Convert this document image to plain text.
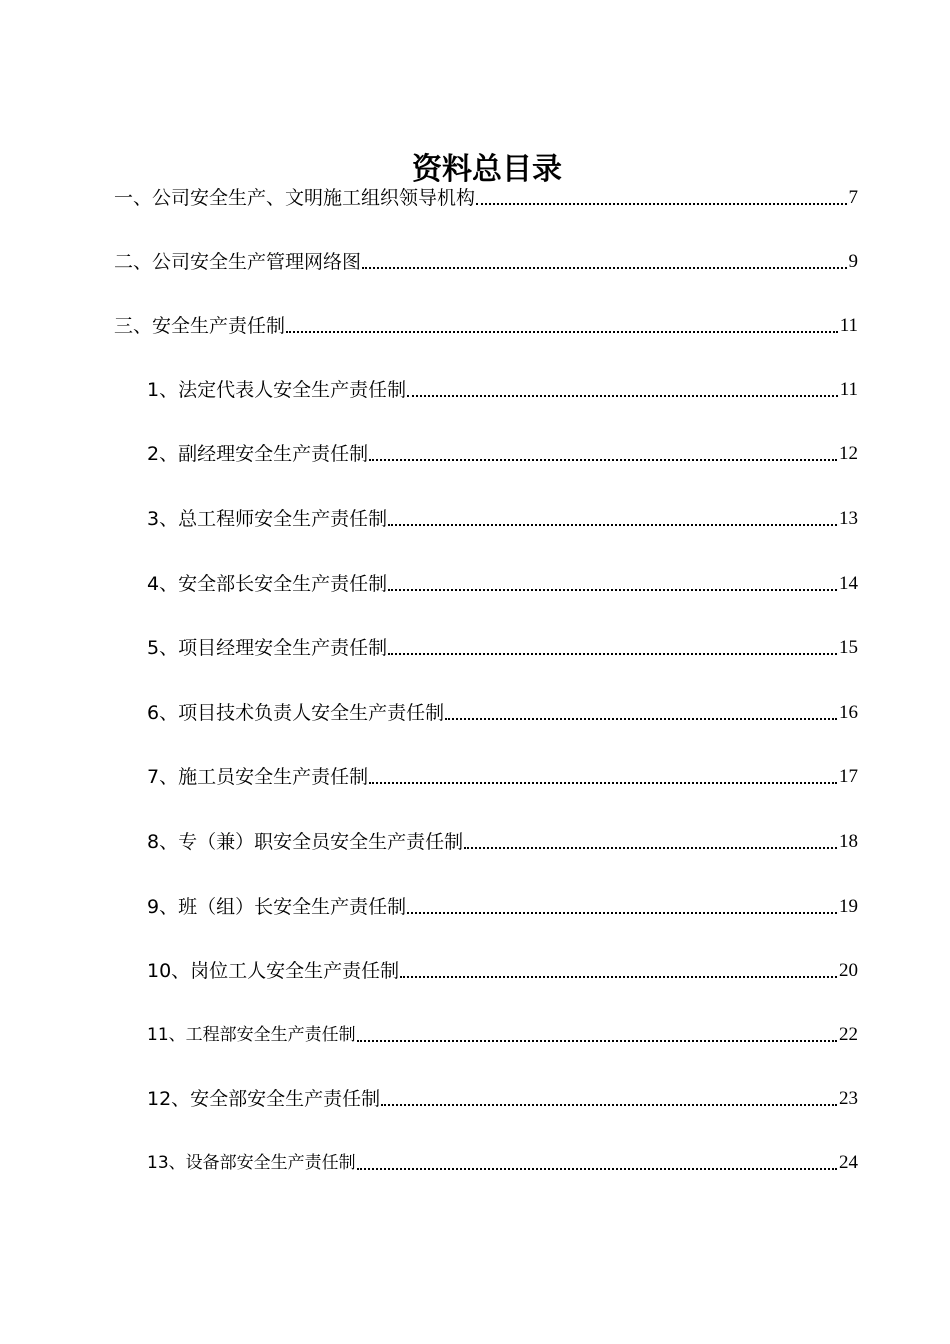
资料总目录
一、公司安全生产、文明施工组织领导机构	7
二、公司安全生产管理网络图	9
三、安全生产责任制	11
1、法定代表人安全生产责任制	11
2、副经理安全生产责任制	12
3、总工程师安全生产责任制	13
4、安全部长安全生产责任制	14
5、项目经理安全生产责任制	15
6、项目技术负责人安全生产责任制	16
7、施工员安全生产责任制	17
8、专（兼）职安全员安全生产责任制	18
9、班（组）长安全生产责任制	19
10、岗位工人安全生产责任制	20
11、工程部安全生产责任制	22
12、安全部安全生产责任制	23
13、设备部安全生产责任制	24
